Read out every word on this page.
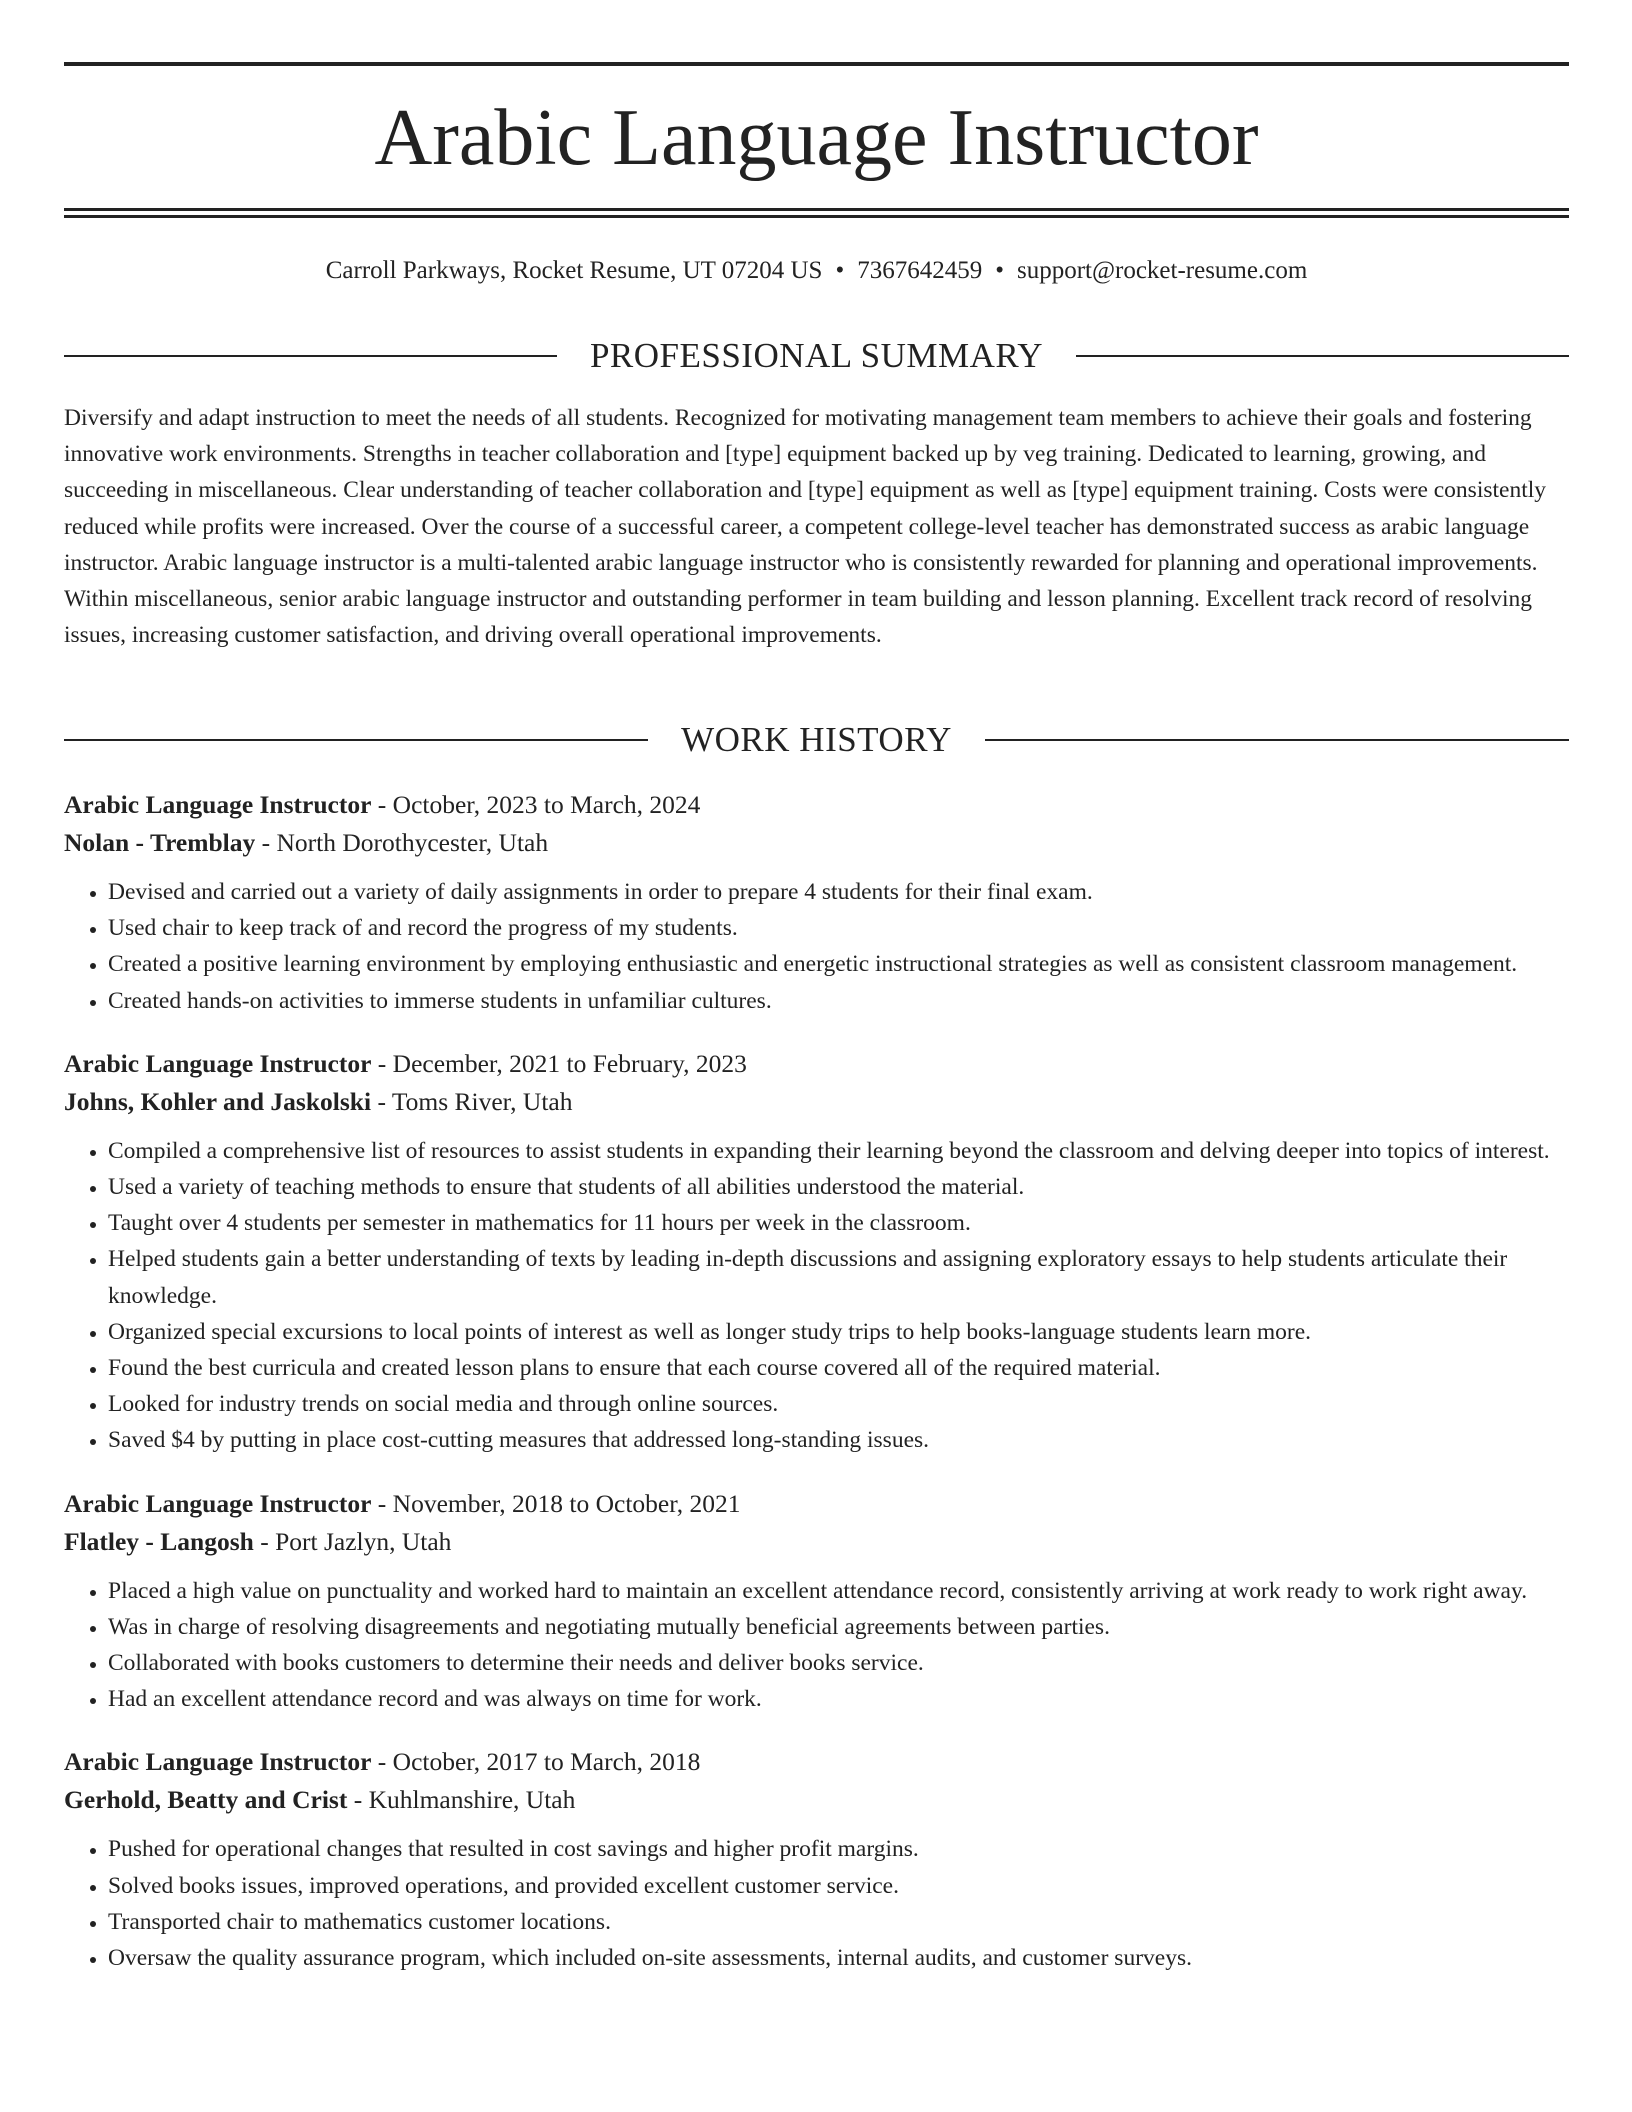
Arabic Language Instructor
Carroll Parkways, Rocket Resume, UT 07204 US • 7367642459 • support@rocket-resume.com
PROFESSIONAL SUMMARY

Diversify and adapt instruction to meet the needs of all students. Recognized for motivating management team members to achieve their goals and fostering innovative work environments. Strengths in teacher collaboration and [type] equipment backed up by veg training. Dedicated to learning, growing, and succeeding in miscellaneous. Clear understanding of teacher collaboration and [type] equipment as well as [type] equipment training. Costs were consistently reduced while profits were increased. Over the course of a successful career, a competent college-level teacher has demonstrated success as arabic language instructor. Arabic language instructor is a multi-talented arabic language instructor who is consistently rewarded for planning and operational improvements. Within miscellaneous, senior arabic language instructor and outstanding performer in team building and lesson planning. Excellent track record of resolving issues, increasing customer satisfaction, and driving overall operational improvements.

WORK HISTORY
Arabic Language Instructor - October, 2023 to March, 2024
Nolan - Tremblay - North Dorothycester, Utah
• Devised and carried out a variety of daily assignments in order to prepare 4 students for their final exam.
• Used chair to keep track of and record the progress of my students.
• Created a positive learning environment by employing enthusiastic and energetic instructional strategies as well as consistent classroom management.
• Created hands-on activities to immerse students in unfamiliar cultures.
Arabic Language Instructor - December, 2021 to February, 2023
Johns, Kohler and Jaskolski - Toms River, Utah
• Compiled a comprehensive list of resources to assist students in expanding their learning beyond the classroom and delving deeper into topics of interest.
• Used a variety of teaching methods to ensure that students of all abilities understood the material.
• Taught over 4 students per semester in mathematics for 11 hours per week in the classroom.
• Helped students gain a better understanding of texts by leading in-depth discussions and assigning exploratory essays to help students articulate their knowledge.
• Organized special excursions to local points of interest as well as longer study trips to help books-language students learn more.
• Found the best curricula and created lesson plans to ensure that each course covered all of the required material.
• Looked for industry trends on social media and through online sources.
• Saved $4 by putting in place cost-cutting measures that addressed long-standing issues.
Arabic Language Instructor - November, 2018 to October, 2021
Flatley - Langosh - Port Jazlyn, Utah
• Placed a high value on punctuality and worked hard to maintain an excellent attendance record, consistently arriving at work ready to work right away.
• Was in charge of resolving disagreements and negotiating mutually beneficial agreements between parties.
• Collaborated with books customers to determine their needs and deliver books service.
• Had an excellent attendance record and was always on time for work.
Arabic Language Instructor - October, 2017 to March, 2018
Gerhold, Beatty and Crist - Kuhlmanshire, Utah
• Pushed for operational changes that resulted in cost savings and higher profit margins.
• Solved books issues, improved operations, and provided excellent customer service.
• Transported chair to mathematics customer locations.
• Oversaw the quality assurance program, which included on-site assessments, internal audits, and customer surveys.
